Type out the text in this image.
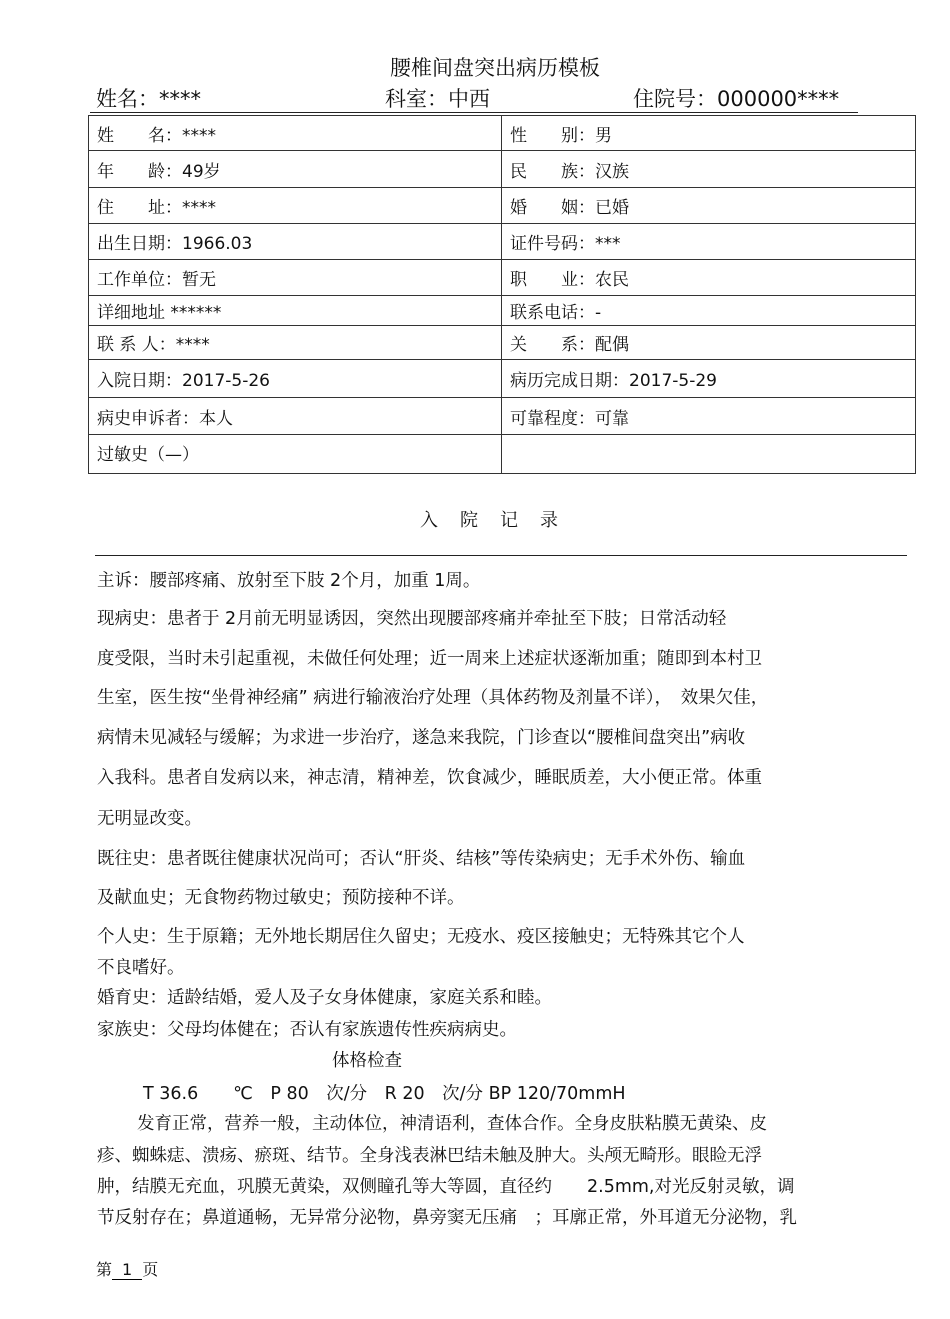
腰椎间盘突出病历模板
姓名：****	科室：中西	住院号：000000****
姓　　名：****	性　　别：男
年　　龄：49岁	民　　族：汉族
住　　址：****	婚　　姻：已婚
出生日期：1966.03	证件号码：***
工作单位：暂无	职　　业：农民
详细地址 ******	联系电话：-
联 系 人：****	关　　系：配偶
入院日期：2017-5-26	病历完成日期：2017-5-29
病史申诉者：本人	可靠程度：可靠
过敏史（—）	
入院记录
主诉：腰部疼痛、放射至下肢 2个月，加重 1周。
现病史：患者于 2月前无明显诱因，突然出现腰部疼痛并牵扯至下肢；日常活动轻
度受限，当时未引起重视，未做任何处理；近一周来上述症状逐渐加重；随即到本村卫
生室，医生按“坐骨神经痛” 病进行输液治疗处理（具体药物及剂量不详），　效果欠佳，
病情未见减轻与缓解；为求进一步治疗，遂急来我院，门诊查以“腰椎间盘突出”病收
入我科。患者自发病以来，神志清，精神差，饮食减少，睡眠质差，大小便正常。体重
无明显改变。
既往史：患者既往健康状况尚可；否认“肝炎、结核”等传染病史；无手术外伤、输血
及献血史；无食物药物过敏史；预防接种不详。
个人史：生于原籍；无外地长期居住久留史；无疫水、疫区接触史；无特殊其它个人
不良嗜好。
婚育史：适龄结婚，爱人及子女身体健康，家庭关系和睦。
家族史：父母均体健在；否认有家族遗传性疾病病史。
体格检查
T 36.6　　℃　P 80　次/分　R 20　次/分 BP 120/70mmH
发育正常，营养一般，主动体位，神清语利，查体合作。全身皮肤粘膜无黄染、皮
疹、蜘蛛痣、溃疡、瘀斑、结节。全身浅表淋巴结未触及肿大。头颅无畸形。眼睑无浮
肿，结膜无充血，巩膜无黄染，双侧瞳孔等大等圆，直径约　　2.5mm,对光反射灵敏，调
节反射存在；鼻道通畅，无异常分泌物，鼻旁窦无压痛　；耳廓正常，外耳道无分泌物，乳
第 1 页
